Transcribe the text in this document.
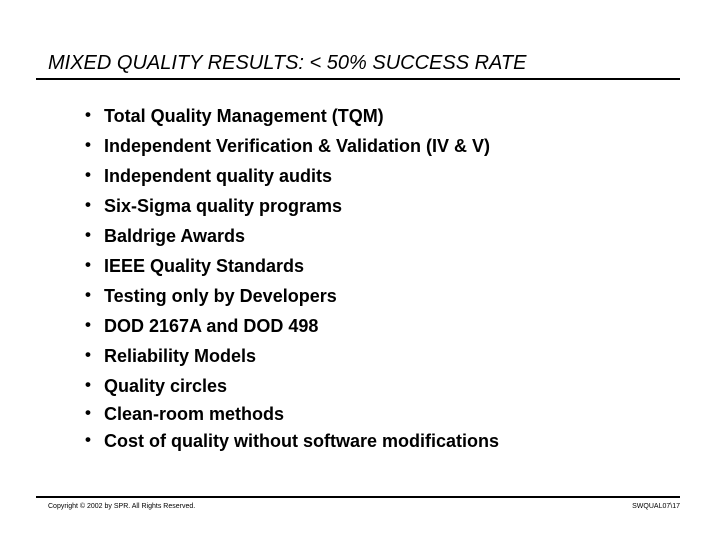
MIXED QUALITY RESULTS: < 50% SUCCESS RATE
• Total Quality Management (TQM)
• Independent Verification & Validation (IV & V)
• Independent quality audits
• Six-Sigma quality programs
• Baldrige Awards
• IEEE Quality Standards
• Testing only by Developers
• DOD 2167A and DOD 498
• Reliability Models
• Quality circles
• Clean-room methods
• Cost of quality without software modifications
Copyright © 2002 by SPR. All Rights Reserved.	SWQUAL07\17
